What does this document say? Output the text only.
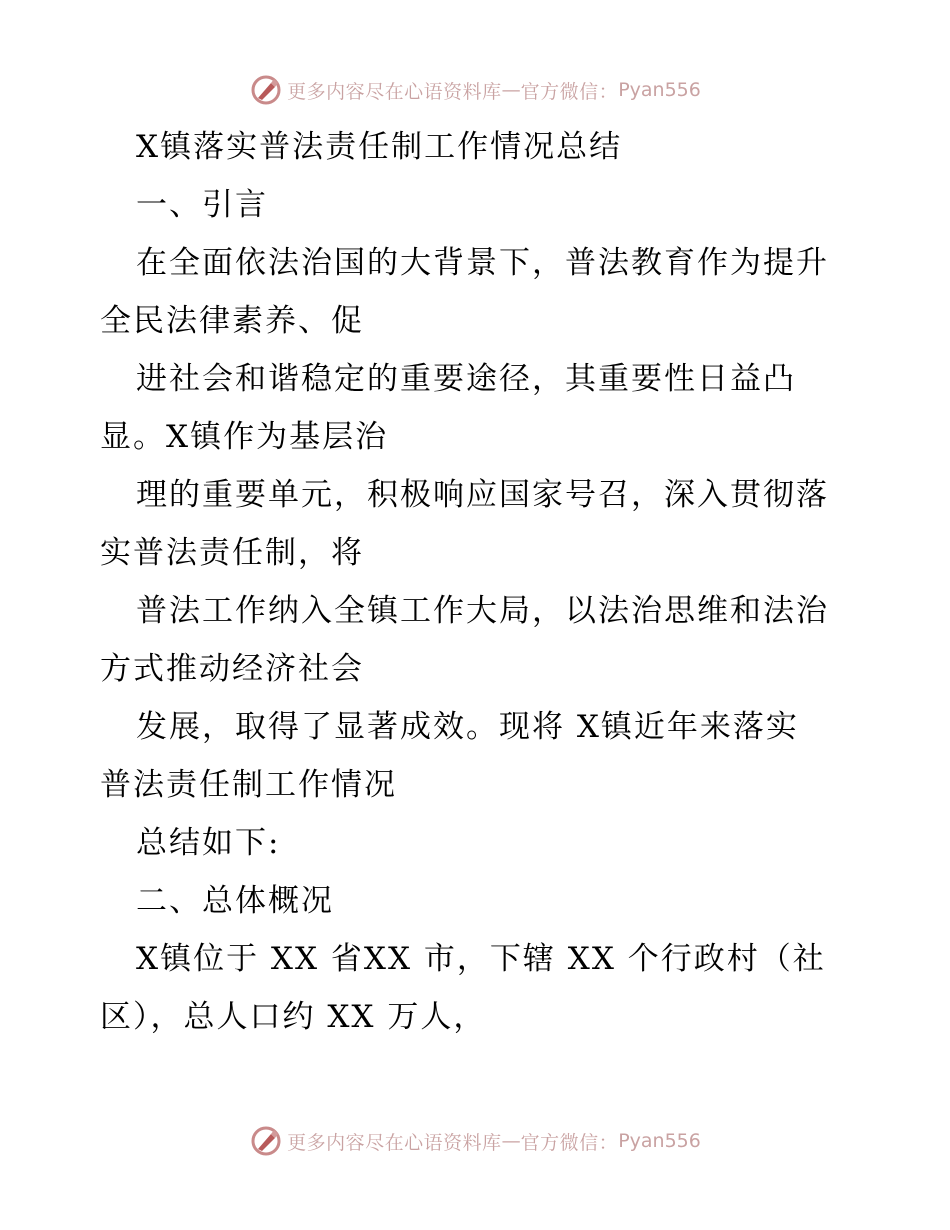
更多内容尽在心语资料库 — 官方微信： Pyan556
X镇落实普法责任制工作情况总结
一、引言
在全面依法治国的大背景下，普法教育作为提升
全民法律素养、促
进社会和谐稳定的重要途径，其重要性日益凸
显。X镇作为基层治
理的重要单元，积极响应国家号召，深入贯彻落
实普法责任制，将
普法工作纳入全镇工作大局，以法治思维和法治
方式推动经济社会
发展，取得了显著成效。现将 X镇近年来落实
普法责任制工作情况
总结如下:
二、总体概况
X镇位于 XX 省XX 市，下辖 XX 个行政村（社
区），总人口约 XX 万人，
更多内容尽在心语资料库 — 官方微信： Pyan556
